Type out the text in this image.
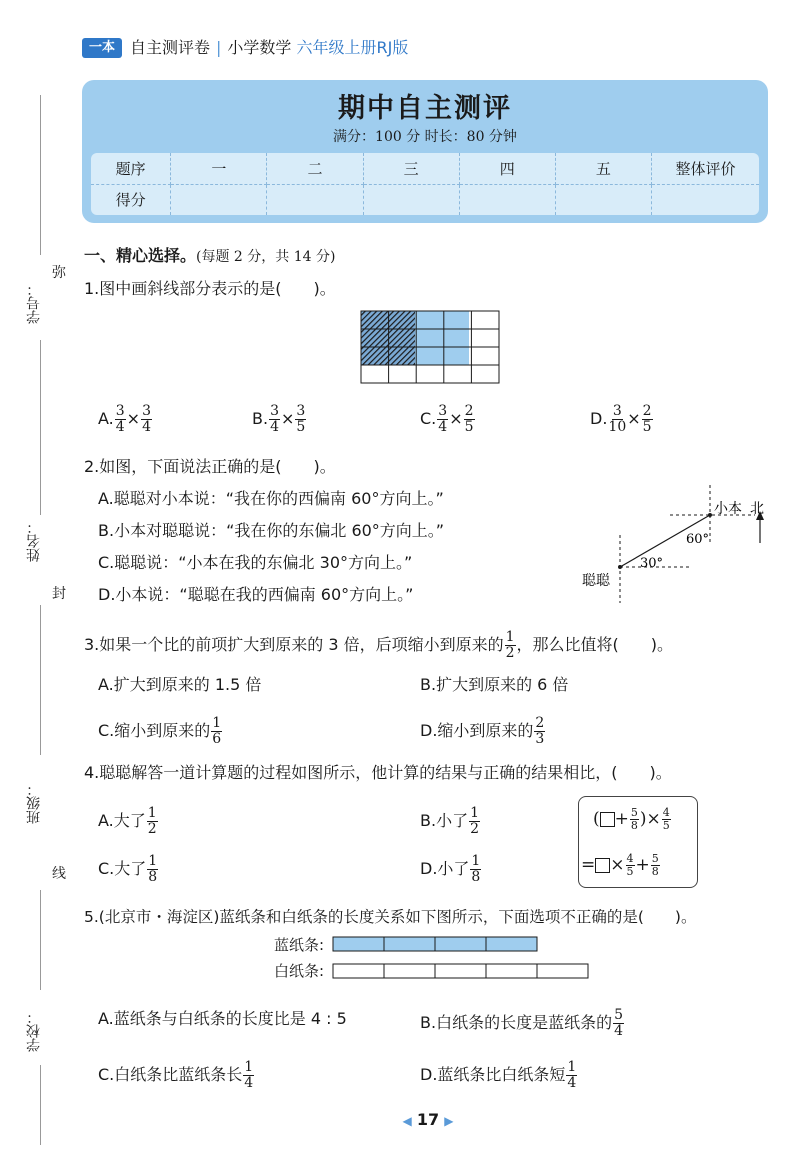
一本 自主测评卷 | 小学数学 六年级上册RJ版
期中自主测评
满分：100 分 时长：80 分钟
题序	一	二	三	四	五	整体评价
得分						
弥
封
线
学号：
姓名：
班级：
学校：
一、精心选择。(每题 2 分，共 14 分)
1.图中画斜线部分表示的是(　　)。
A. $\frac{3}{4} \times \frac{3}{4}$	B. $\frac{3}{4} \times \frac{3}{5}$	C. $\frac{3}{4} \times \frac{2}{5}$	D. $\frac{3}{10} \times \frac{2}{5}$
2.如图，下面说法正确的是(　　)。
A.聪聪对小本说：“我在你的西偏南 60°方向上。”
B.小本对聪聪说：“我在你的东偏北 60°方向上。”
C.聪聪说：“小本在我的东偏北 30°方向上。”
D.小本说：“聪聪在我的西偏南 60°方向上。”
小本 北
60°
30°
聪聪
3.如果一个比的前项扩大到原来的 3 倍，后项缩小到原来的 $\frac{1}{2}$ ，那么比值将(　　)。
A.扩大到原来的 1.5 倍	B.扩大到原来的 6 倍
C.缩小到原来的 $\frac{1}{6}$	D.缩小到原来的 $\frac{2}{3}$
4.聪聪解答一道计算题的过程如图所示，他计算的结果与正确的结果相比，(　　)。
A.大了 $\frac{1}{2}$	B.小了 $\frac{1}{2}$
C.大了 $\frac{1}{8}$	D.小了 $\frac{1}{8}$
( + $\frac{5}{8}$ )× $\frac{4}{5}$
= × $\frac{4}{5} + \frac{5}{8}$
5.(北京市・海淀区)蓝纸条和白纸条的长度关系如下图所示，下面选项不正确的是(　　)。
蓝纸条:
白纸条:
A.蓝纸条与白纸条的长度比是 4 : 5	B.白纸条的长度是蓝纸条的 $\frac{5}{4}$
C.白纸条比蓝纸条长 $\frac{1}{4}$	D.蓝纸条比白纸条短 $\frac{1}{4}$
◀ 17 ▶
